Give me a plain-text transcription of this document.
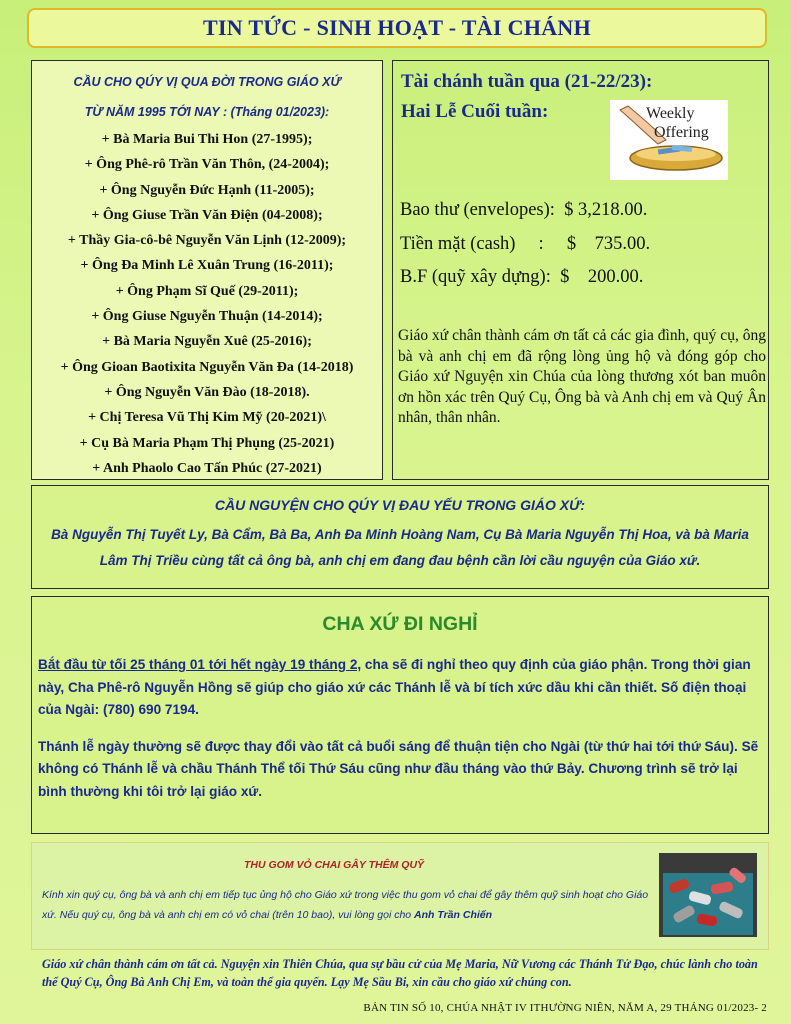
TIN TỨC - SINH HOẠT - TÀI CHÁNH
CẦU CHO QÚY VỊ QUA ĐỜI TRONG GIÁO XỨ
TỪ NĂM 1995 TỚI NAY : (Tháng 01/2023):
+ Bà Maria Bui Thi Hon (27-1995);
+ Ông Phê-rô Trần Văn Thôn, (24-2004);
+ Ông Nguyễn Đức Hạnh (11-2005);
+ Ông Giuse Trần Văn Điện (04-2008);
+ Thầy Gia-cô-bê Nguyễn Văn Lịnh (12-2009);
+ Ông Đa Minh Lê Xuân Trung (16-2011);
+ Ông Phạm Sĩ Quế (29-2011);
+ Ông Giuse Nguyễn Thuận (14-2014);
+ Bà Maria Nguyễn Xuê (25-2016);
+ Ông Gioan Baotixita Nguyễn Văn Đa (14-2018)
+ Ông Nguyễn Văn Đào (18-2018).
+ Chị Teresa Vũ Thị Kim Mỹ (20-2021)\
+ Cụ Bà Maria Phạm Thị Phụng (25-2021)
+ Anh Phaolo Cao Tấn Phúc (27-2021)
Tài chánh tuần qua (21-22/23):
Hai Lễ Cuối tuần:	Weekly
Offering
Bao thư (envelopes): $ 3,218.00.
Tiền mặt (cash)     : $    735.00.
B.F (quỹ xây dựng): $    200.00.
Giáo xứ chân thành cám ơn tất cả các gia đình, quý cụ, ông bà và anh chị em đã rộng lòng ủng hộ và đóng góp cho Giáo xứ Nguyện xin Chúa của lòng thương xót ban muôn ơn hồn xác trên Quý Cụ, Ông bà và Anh chị em và Quý Ân nhân, thân nhân.
CẦU NGUYỆN CHO QÚY VỊ ĐAU YẾU TRONG GIÁO XỨ:
Bà Nguyễn Thị Tuyết Ly, Bà Cẩm, Bà Ba, Anh Đa Minh Hoàng Nam, Cụ Bà Maria Nguyễn Thị Hoa, và bà Maria Lâm Thị Triều cùng tất cả ông bà, anh chị em đang đau bệnh cần lời cầu nguyện của Giáo xứ.
CHA XỨ ĐI NGHỈ

Bắt đầu từ tối 25 tháng 01 tới hết ngày 19 tháng 2, cha sẽ đi nghỉ theo quy định của giáo phận. Trong thời gian này, Cha Phê-rô Nguyễn Hồng sẽ giúp cho giáo xứ các Thánh lễ và bí tích xức dầu khi cần thiết. Số điện thoại của Ngài: (780) 690 7194.

Thánh lễ ngày thường sẽ được thay đổi vào tất cả buổi sáng để thuận tiện cho Ngài (từ thứ hai tới thứ Sáu). Sẽ không có Thánh lễ và chầu Thánh Thể tối Thứ Sáu cũng như đầu tháng vào thứ Bảy. Chương trình sẽ trở lại bình thường khi tôi trở lại giáo xứ.

THU GOM VỎ CHAI GÂY THÊM QUỸ
Kính xin quý cụ, ông bà và anh chị em tiếp tục ủng hộ cho Giáo xứ trong việc thu gom vỏ chai để gây thêm quỹ sinh hoạt cho Giáo xứ. Nếu quý cụ, ông bà và anh chị em có vỏ chai (trên 10 bao), vui lòng gọi cho Anh Trần Chiến
Giáo xứ chân thành cám ơn tất cả. Nguyện xin Thiên Chúa, qua sự bầu cử của Mẹ Maria, Nữ Vương các Thánh Tử Đạo, chúc lành cho toàn thể Quý Cụ, Ông Bà Anh Chị Em, và toàn thể gia quyến. Lạy Mẹ Sầu Bi, xin cầu cho giáo xứ chúng con.
BẢN TIN SỐ 10, CHÚA NHẬT IV ITHƯỜNG NIÊN, NĂM A, 29 THÁNG 01/2023- 2
